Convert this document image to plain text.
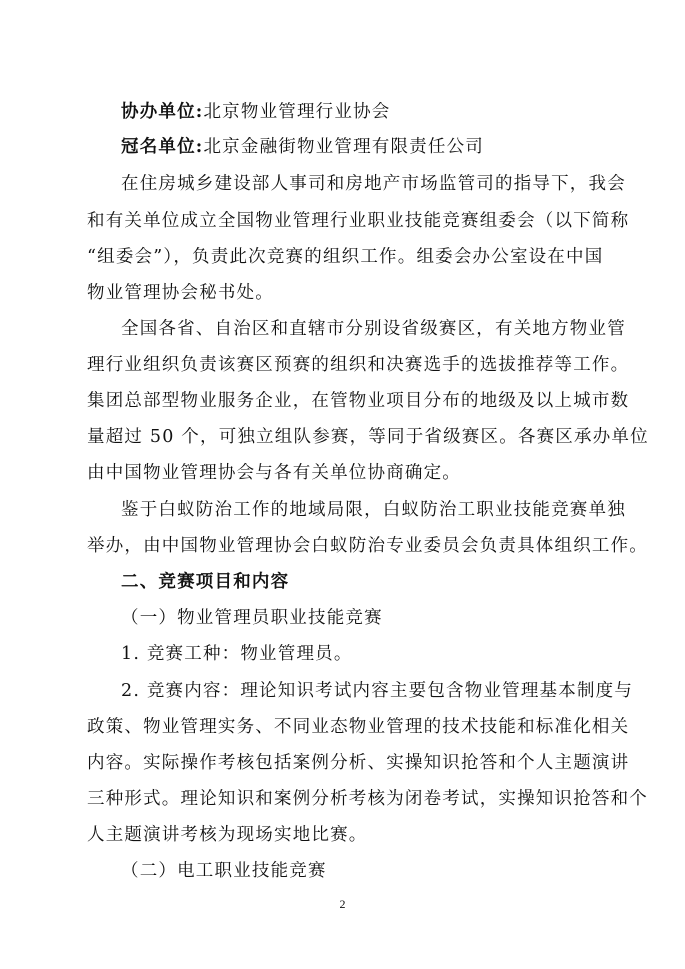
协办单位:北京物业管理行业协会
冠名单位:北京金融街物业管理有限责任公司
在住房城乡建设部人事司和房地产市场监管司的指导下，我会
和有关单位成立全国物业管理行业职业技能竞赛组委会（以下简称
“组委会”），负责此次竞赛的组织工作。组委会办公室设在中国
物业管理协会秘书处。
全国各省、自治区和直辖市分别设省级赛区，有关地方物业管
理行业组织负责该赛区预赛的组织和决赛选手的选拔推荐等工作。
集团总部型物业服务企业，在管物业项目分布的地级及以上城市数
量超过 50 个，可独立组队参赛，等同于省级赛区。各赛区承办单位
由中国物业管理协会与各有关单位协商确定。
鉴于白蚁防治工作的地域局限，白蚁防治工职业技能竞赛单独
举办，由中国物业管理协会白蚁防治专业委员会负责具体组织工作。
二、竞赛项目和内容
（一）物业管理员职业技能竞赛
1. 竞赛工种：物业管理员。
2. 竞赛内容：理论知识考试内容主要包含物业管理基本制度与
政策、物业管理实务、不同业态物业管理的技术技能和标准化相关
内容。实际操作考核包括案例分析、实操知识抢答和个人主题演讲
三种形式。理论知识和案例分析考核为闭卷考试，实操知识抢答和个
人主题演讲考核为现场实地比赛。
（二）电工职业技能竞赛
2
